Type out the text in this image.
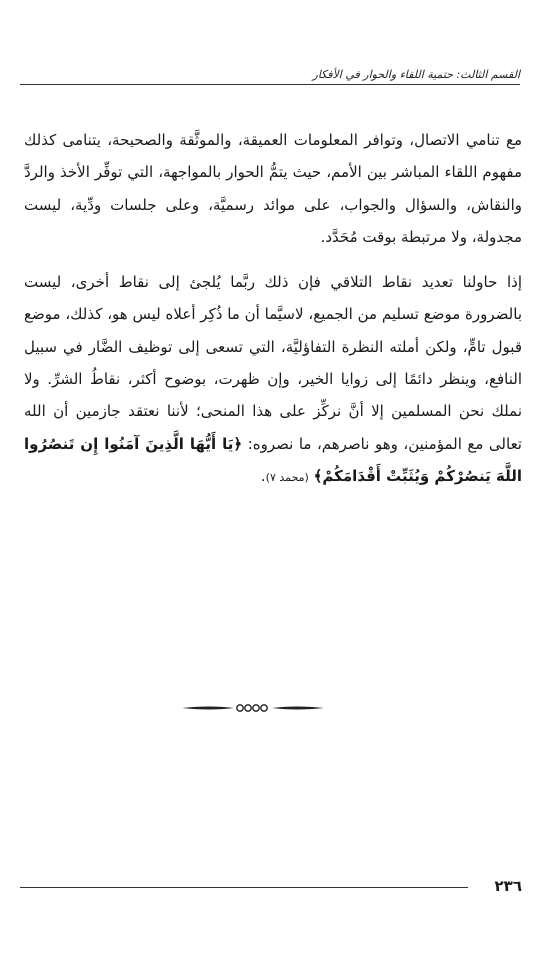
القسم الثالث: حتمية اللقاء والحوار في الأفكار

مع تنامي الاتصال، وتوافر المعلومات العميقة، والموثَّقة والصحيحة، يتنامى كذلك مفهوم اللقاء المباشر بين الأمم، حيث يتمُّ الحوار بالمواجهة، التي توفِّر الأخذ والردَّ والنقاش، والسؤال والجواب، على موائد رسميَّة، وعلى جلسات ودِّية، ليست مجدولة، ولا مرتبطة بوقت مُحَدَّد.

إذا حاولنا تعديد نقاط التلاقي فإن ذلك ربَّما يُلجئ إلى نقاط أخرى، ليست بالضرورة موضع تسليم من الجميع، لاسيَّما أن ما ذُكِر أعلاه ليس هو، كذلك، موضع قبول تامٍّ، ولكن أملته النظرة التفاؤليَّة، التي تسعى إلى توظيف الضَّار في سبيل النافع، وينظر دائمًا إلى زوايا الخير، وإن ظهرت، بوضوح أكثر، نقاطُ الشرِّ. ولا نملك نحن المسلمين إلا أنَّ نركِّز على هذا المنحى؛ لأننا نعتقد جازمين أن الله تعالى مع المؤمنين، وهو ناصرهم، ما نصروه: ﴿يَا أَيُّهَا الَّذِينَ آمَنُوا إِن تَنصُرُوا اللَّهَ يَنصُرْكُمْ وَيُثَبِّتْ أَقْدَامَكُمْ﴾ (محمد ٧).

٢٣٦
